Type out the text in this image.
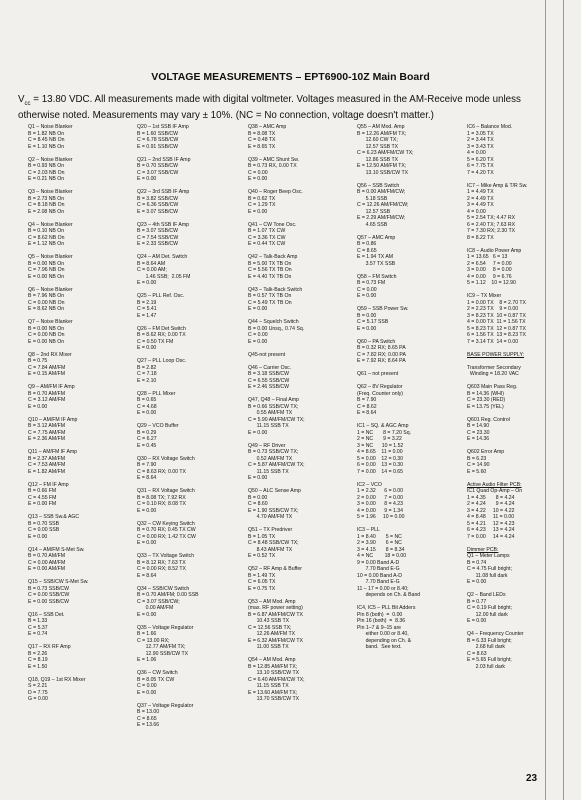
VOLTAGE MEASUREMENTS – EPT6900-10Z Main Board
$V_{cc} = 13.80$ VDC. All measurements made with digital voltmeter. Voltages measured in the AM-Receive mode unless otherwise noted. Measurements may vary ± 10%. (NC = No connection, voltage doesn't matter.)
Q1 – Noise Blanker
B = 1.82 NB On
C = 8.45 NB On
E = 1.10 NB On
Q2 – Noise Blanker
B = 0.93 NB On
C = 2.03 NB On
E = 0.21 NB On
Q3 – Noise Blanker
B = 2.73 NB On
C = 8.18 NB On
E = 2.08 NB On
Q4 – Noise Blanker
B = 0.10 NB On
C = 8.62 NB On
E = 1.12 NB On
Q5 – Noise Blanker
B = 0.00 NB On
C = 7.96 NB On
E = 0.00 NB On
Q6 – Noise Blanker
B = 7.96 NB On
C = 0.00 NB On
E = 8.62 NB On
Q7 – Noise Blanker
B = 0.00 NB On
C = 0.00 NB On
E = 0.00 NB On
Q8 – 2nd RX Mixer
B = 0.75
C = 7.84 AM/FM
E = 0.15 AM/FM
Q9 – AM/FM IF Amp
B = 0.70 AM/FM
C = 3.12 AM/FM
E = 0.00
Q10 – AM/FM IF Amp
B = 3.12 AM/FM
C = 7.75 AM/FM
E = 2.36 AM/FM
Q11 – AM/FM IF Amp
B = 2.37 AM/FM
C = 7.53 AM/FM
E = 1.82 AM/FM
Q12 – FM IF Amp
B = 0.66 FM
C = 4.55 FM
E = 0.00 FM
Q13 – SSB Sw.& AGC
B = 0.70 SSB
C = 0.00 SSB
E = 0.00
Q14 – AM/FM S-Met Sw.
B = 0.70 AM/FM
C = 0.00 AM/FM
E = 0.00 AM/FM
Q15 – SSB/CW S-Met Sw.
B = 0.73 SSB/CW
C = 0.00 SSB/CW
E = 0.00 SSB/CW
Q16 – SSB Det.
B = 1.33
C = 5.37
E = 0.74
Q17 – RX RF Amp
B = 2.26
C = 8.19
E = 1.50
Q18, Q19 – 1st RX Mixer
S = 2.21
D = 7.75
G = 0.00
Q20 – 1st SSB IF Amp
B = 1.60 SSB/CW
C = 6.78 SSB/CW
E = 0.91 SSB/CW
Q21 – 2nd SSB IF Amp
B = 0.70 SSB/CW
C = 3.07 SSB/CW
E = 0.00
Q22 – 3rd SSB IF Amp
B = 3.82 SSB/CW
C = 6.36 SSB/CW
E = 3.07 SSB/CW
Q23 – 4th SSB IF Amp
B = 3.07 SSB/CW
C = 7.54 SSB/CW
E = 2.33 SSB/CW
Q24 – AM Det. Switch
B = 8.64 AM
C = 0.00 AM;
1.46 SSB;  2.05 FM
E = 0.00
Q25 – PLL Ref. Osc.
B = 2.19
C = 5.41
E = 1.47
Q26 – FM Det Switch
B = 8.62 RX; 0.00 TX
C = 0.50 TX FM
E = 0.00
Q27 – PLL Loop Osc.
B = 2.82
C = 7.18
E = 2.10
Q28 – PLL Mixer
B = 0.65
C = 4.68
E = 0.00
Q29 – VCO Buffer
B = 0.29
C = 6.27
E = 0.45
Q30 – RX Voltage Switch
B = 7.90
C = 8.63 RX; 0.00 TX
E = 8.64
Q31 – RX Voltage Switch
B = 8.08 TX; 7.92 RX
C = 0.10 RX; 8.08 TX
E = 0.00
Q32 – CW Keying Switch
B = 0.70 RX; 0.45 TX CW
C = 0.00 RX; 1.42 TX CW
E = 0.00
Q33 – TX Voltage Switch
B = 8.12 RX; 7.63 TX
C = 0.00 RX; 8.52 TX
E = 8.64
Q34 – SSB/CW Switch
B = 0.70 AM/FM; 0.00 SSB
C = 3.07 SSB/CW;
0.00 AM/FM
E = 0.00
Q35 – Voltage Regulator
B = 1.66
C = 13.00 RX;
12.77 AM/FM TX;
12.90 SSB/CW TX
E = 1.06
Q36 – CW Switch
B = 8.05 TX CW
C = 0.00
E = 0.00
Q37 – Voltage Regulator
B = 13.00
C = 8.65
E = 13.66
Q38 – AMC Amp
B = 8.08 TX
C = 0.48 TX
E = 8.65 TX
Q39 – AMC Shunt Sw.
B = 0.73 RX, 0.00 TX
C = 0.00
E = 0.00
Q40 – Roger Beep Osc.
B = 0.62 TX
C = 1.29 TX
E = 0.00
Q41 – CW Tone Osc.
B = 1.07 TX CW
C = 3.36 TX CW
E = 0.44 TX CW
Q42 – Talk-Back Amp
B = 5.00 TX TB On
C = 5.56 TX TB On
E = 4.40 TX TB On
Q43 – Talk-Back Switch
B = 0.57 TX TB On
C = 5.49 TX TB On
E = 0.00
Q44 – Squelch Switch
B = 0.00 Unsq., 0.74 Sq.
C = 0.00
E = 0.00
Q45-not present
Q46 – Carrier Osc.
B = 3.18 SSB/CW
C = 6.55 SSB/CW
E = 2.46 SSB/CW
Q47, Q48 – Final Amp
B = 0.66 SSB/CW TX;
0.55 AM/FM TX
C = 5.90 AM/FM/CW TX;
11.15 SSB TX
E = 0.00
Q49 – RF Driver
B = 0.73 SSB/CW TX;
0.52 AM/FM TX
C = 5.87 AM/FM/CW TX;
11.15 SSB TX
E = 0.00
Q50 – ALC Sense Amp
B = 0.00
C = 8.60
E = 1.90 SSB/CW TX;
4.70 AM/FM TX
Q51 – TX Predriver
B = 1.05 TX
C = 8.48 SSB/CW TX;
8.43 AM/FM TX
E = 0.52 TX
Q52 – RF Amp & Buffer
B = 1.49 TX
C = 6.05 TX
E = 0.75 TX
Q53 – AM Mod. Amp
(max. RF power setting)
B = 6.87 AM/FM/CW TX
10.43 SSB TX
C = 12.56 SSB TX;
12.26 AM/FM TX
E = 6.32 AM/FM/CW TX
11.00 SSB TX
Q54 – AM Mod. Amp
B = 12.85 AM/FM TX;
13.10 SSB/CW TX
C = 6.40 AM/FM/CW TX;
11.15 SSB TX
E = 13.60 AM/FM TX;
13.70 SSB/CW TX
Q55 – AM Mod. Amp
B = 12.26 AM/FM TX;
12.60 CW TX;
12.57 SSB TX
C = 6.23 AM/FM/CW TX;
12.86 SSB TX
E = 12.50 AM/FM TX;
13.10 SSB/CW TX
Q56 – SSB Switch
B = 0.00 AM/FM/CW;
5.18 SSB
C = 12.26 AM/FM/CW;
12.57 SSB
E = 2.29 AM/FM/CW;
4.65 SSB
Q57 – AMC Amp
B = 0.86
C = 8.65
E = 1.94 TX AM
3.57 TX SSB
Q58 – FM Switch
B = 0.73 FM
C = 0.00
E = 0.00
Q59 – SSB Power Sw.
B = 0.00
C = 5.17 SSB
E = 0.00
Q60 – PA Switch
B = 0.32 RX; 8.65 PA
C = 7.82 RX; 0.00 PA
E = 7.92 RX; 8.64 PA
Q61 – not present
Q62 – 8V Regulator
(Freq. Counter only)
B = 7.90
C = 8.62
E = 8.64
IC1 – SQ. & AGC Amp
1 = NC       8 = 7.20 Sq.
2 = NC       9 = 3.22
3 = NC      10 = 1.52
4 = 8.65    11 = 0.00
5 = 0.00    12 = 0.30
6 = 0.00    13 = 0.30
7 = 0.00    14 = 0.65
IC2 – VCO
1 = 2.32      6 = 0.00
2 = 0.00      7 = 0.00
3 = 0.00      8 = 4.23
4 = 0.00      9 = 1.34
5 = 1.96     10 = 0.00
IC3 – PLL
1 = 8.40       5 = NC
2 = 3.90       6 = NC
3 = 4.15       8 = 8.34
4 = NC        18 = 0.00
9 = 0.00 Band A-D
7.70 Band E-G
10 = 0.00 Band A-D
7.70 Band E-G
11 – 17 = 0.00 or 8.40;
depends on Ch. & Band
IC4, IC5 – PLL Bit Adders
Pin 8 (both)  =  0.00
Pin 16 (both)  =  8.36
Pin 1–7 & 9–15 are
either 0.00 or 8.40,
depending on Ch. &
band.  See text.
IC6 – Balance Mod.
1 = 3.05 TX
2 = 3.44 TX
3 = 3.43 TX
4 = 0.00
5 = 6.20 TX
6 = 7.75 TX
7 = 4.20 TX
IC7 – Mike Amp & T/R Sw.
1 = 4.49 TX
2 = 4.49 TX
3 = 4.49 TX
4 = 0.00
5 = 2.54 TX; 4.47 RX
6 = 2.40 TX; 7.63 RX
7 = 7.30 RX; 2.30 TX
8 = 8.22 TX
IC8 – Audio Power Amp
1 = 13.65   6 = 13
2 = 6.54     7 = 0.00
3 = 0.00     8 = 0.00
4 = 0.00     9 = 6.76
5 = 1.12    10 = 12.90
IC9 – TX Mixer
1 = 0.00 TX    8 = 2.70 TX
2 = 2.23 TX    9 = 0.00
3 = 8.23 TX  10 = 0.87 TX
4 = 0.00 TX  11 = 1.56 TX
5 = 8.23 TX  12 = 0.87 TX
6 = 1.56 TX  13 = 8.23 TX
7 = 3.14 TX  14 = 0.00
BASE POWER SUPPLY:
Transformer Secondary
Winding = 18.20 VAC
Q603 Main Pass Reg.
B = 14.36 (WHI)
C = 23.30 (RED)
E = 13.75 (YEL)
Q601 Reg. Control
B = 14.90
C = 23.30
E = 14.36
Q602 Error Amp
B = 6.23
C = 14.90
E = 5.60
Active Audio Filter PCB:
IC1 Quad Op-Amp – On
1 = 4.35       8 = 4.24
2 = 4.24       9 = 4.24
3 = 4.22     10 = 4.22
4 = 8.48     11 = 0.00
5 = 4.21     12 = 4.23
6 = 4.23     13 = 4.24
7 = 0.00     14 = 4.24
Dimmer PCB:
Q1 – Meter Lamps
B = 0.74
C = 4.75 Full bright;
11.08 full dark
E = 0.00
Q2 – Band LEDs
B = 0.77
C = 0.19 Full bright;
12.00 full dark
E = 0.00
Q4 – Frequency Counter
B = 6.33 Full bright;
2.68 full dark
C = 8.63
E = 5.65 Full bright;
2.03 full dark
23
